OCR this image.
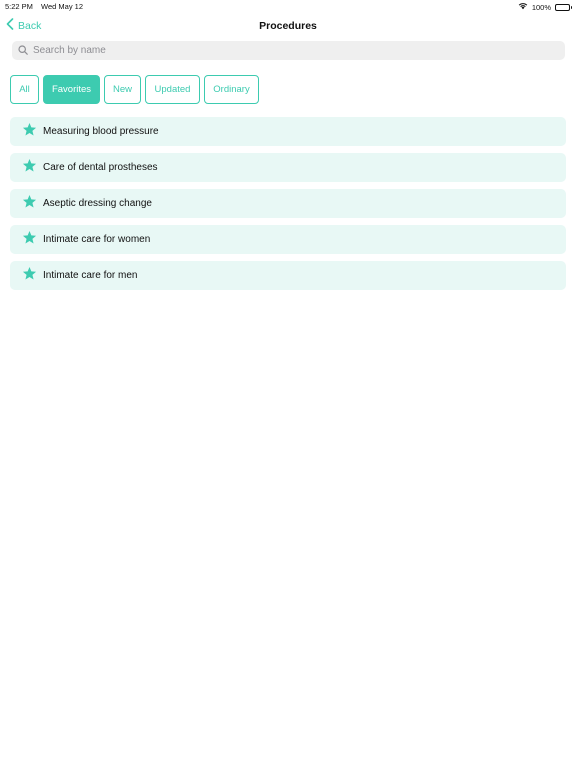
5:22 PM Wed May 12	100%
Back	Procedures
Search by name
All	Favorites	New	Updated	Ordinary
Measuring blood pressure
Care of dental prostheses
Aseptic dressing change
Intimate care for women
Intimate care for men
